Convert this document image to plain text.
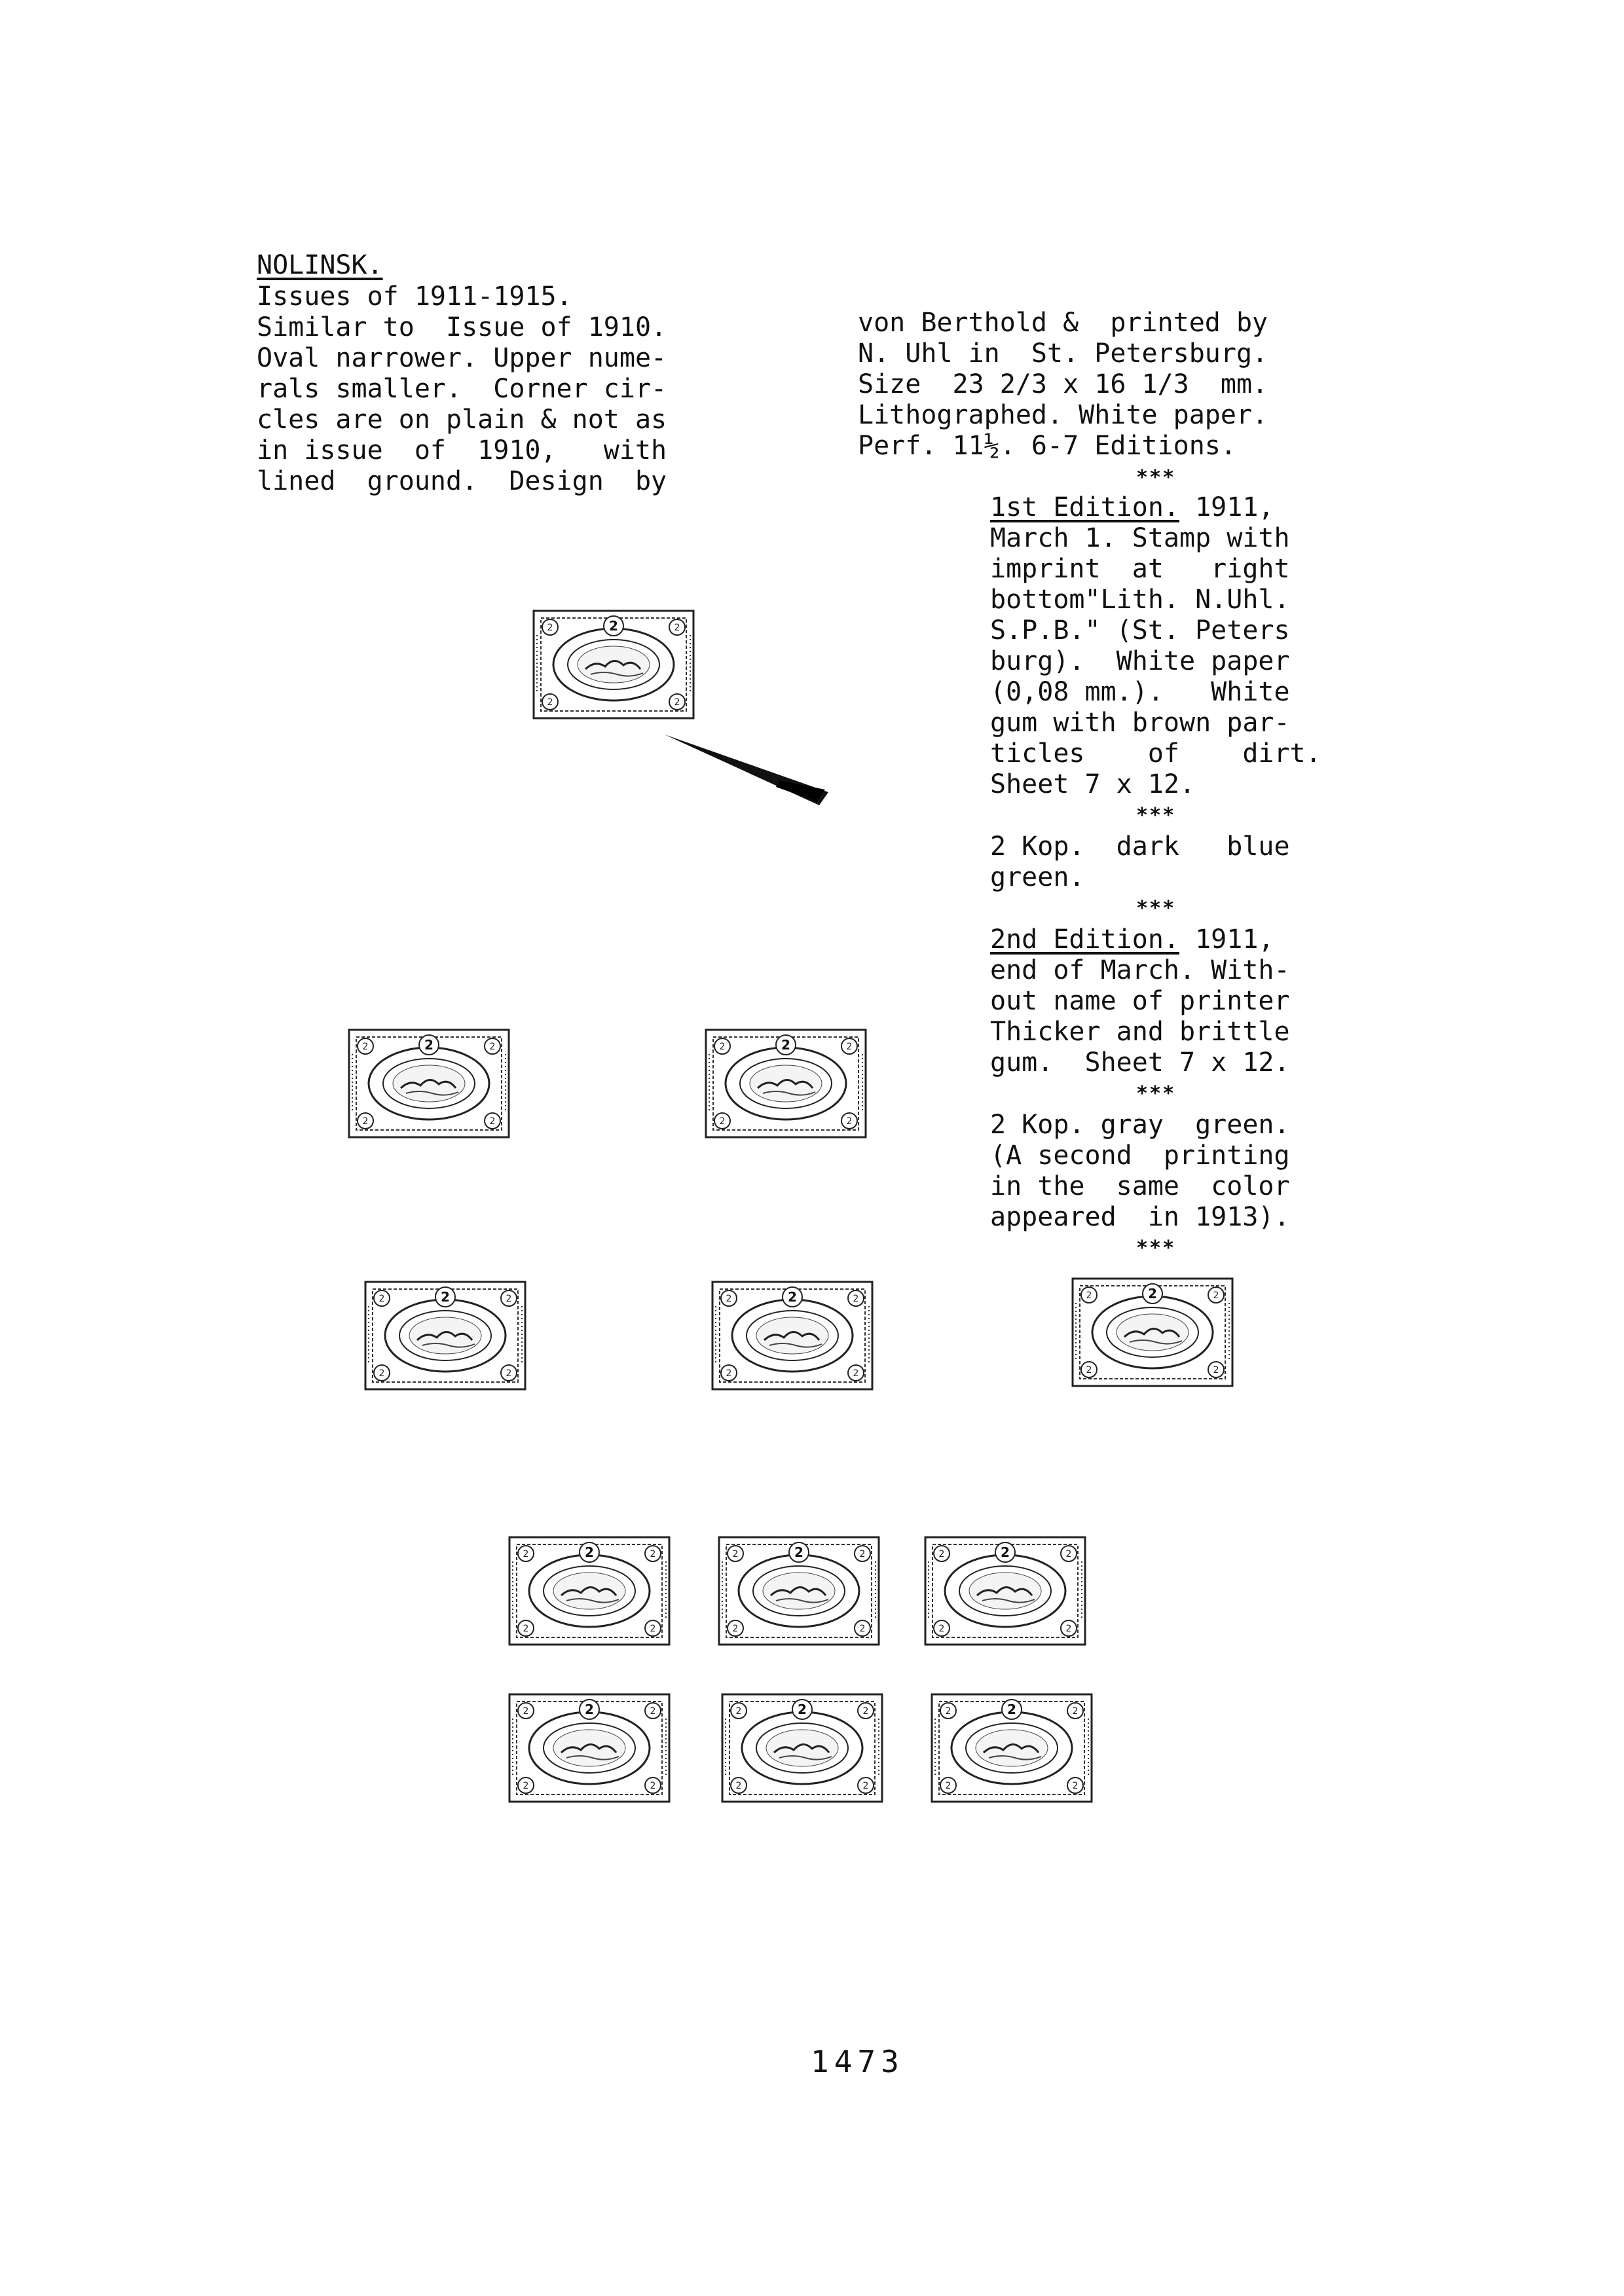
NOLINSK.
Issues of 1911-1915.
Similar to  Issue of 1910.
Oval narrower. Upper nume-
rals smaller.  Corner cir-
cles are on plain & not as
in issue  of  1910,   with
lined  ground.  Design  by
von Berthold &  printed by
N. Uhl in  St. Petersburg.
Size  23 2/3 x 16 1/3  mm.
Lithographed. White paper.
Perf. 11½. 6-7 Editions.
***
1st Edition. 1911,
March 1. Stamp with
imprint  at   right
bottom"Lith. N.Uhl.
S.P.B." (St. Peters
burg).  White paper
(0,08 mm.).   White
gum with brown par-
ticles    of    dirt.
Sheet 7 x 12.
***
2 Kop.  dark   blue
green.
***
2nd Edition. 1911,
end of March. With-
out name of printer
Thicker and brittle
gum.  Sheet 7 x 12.
***
2 Kop. gray  green.
(A second  printing
in the  same  color
appeared  in 1913).
***
1473
